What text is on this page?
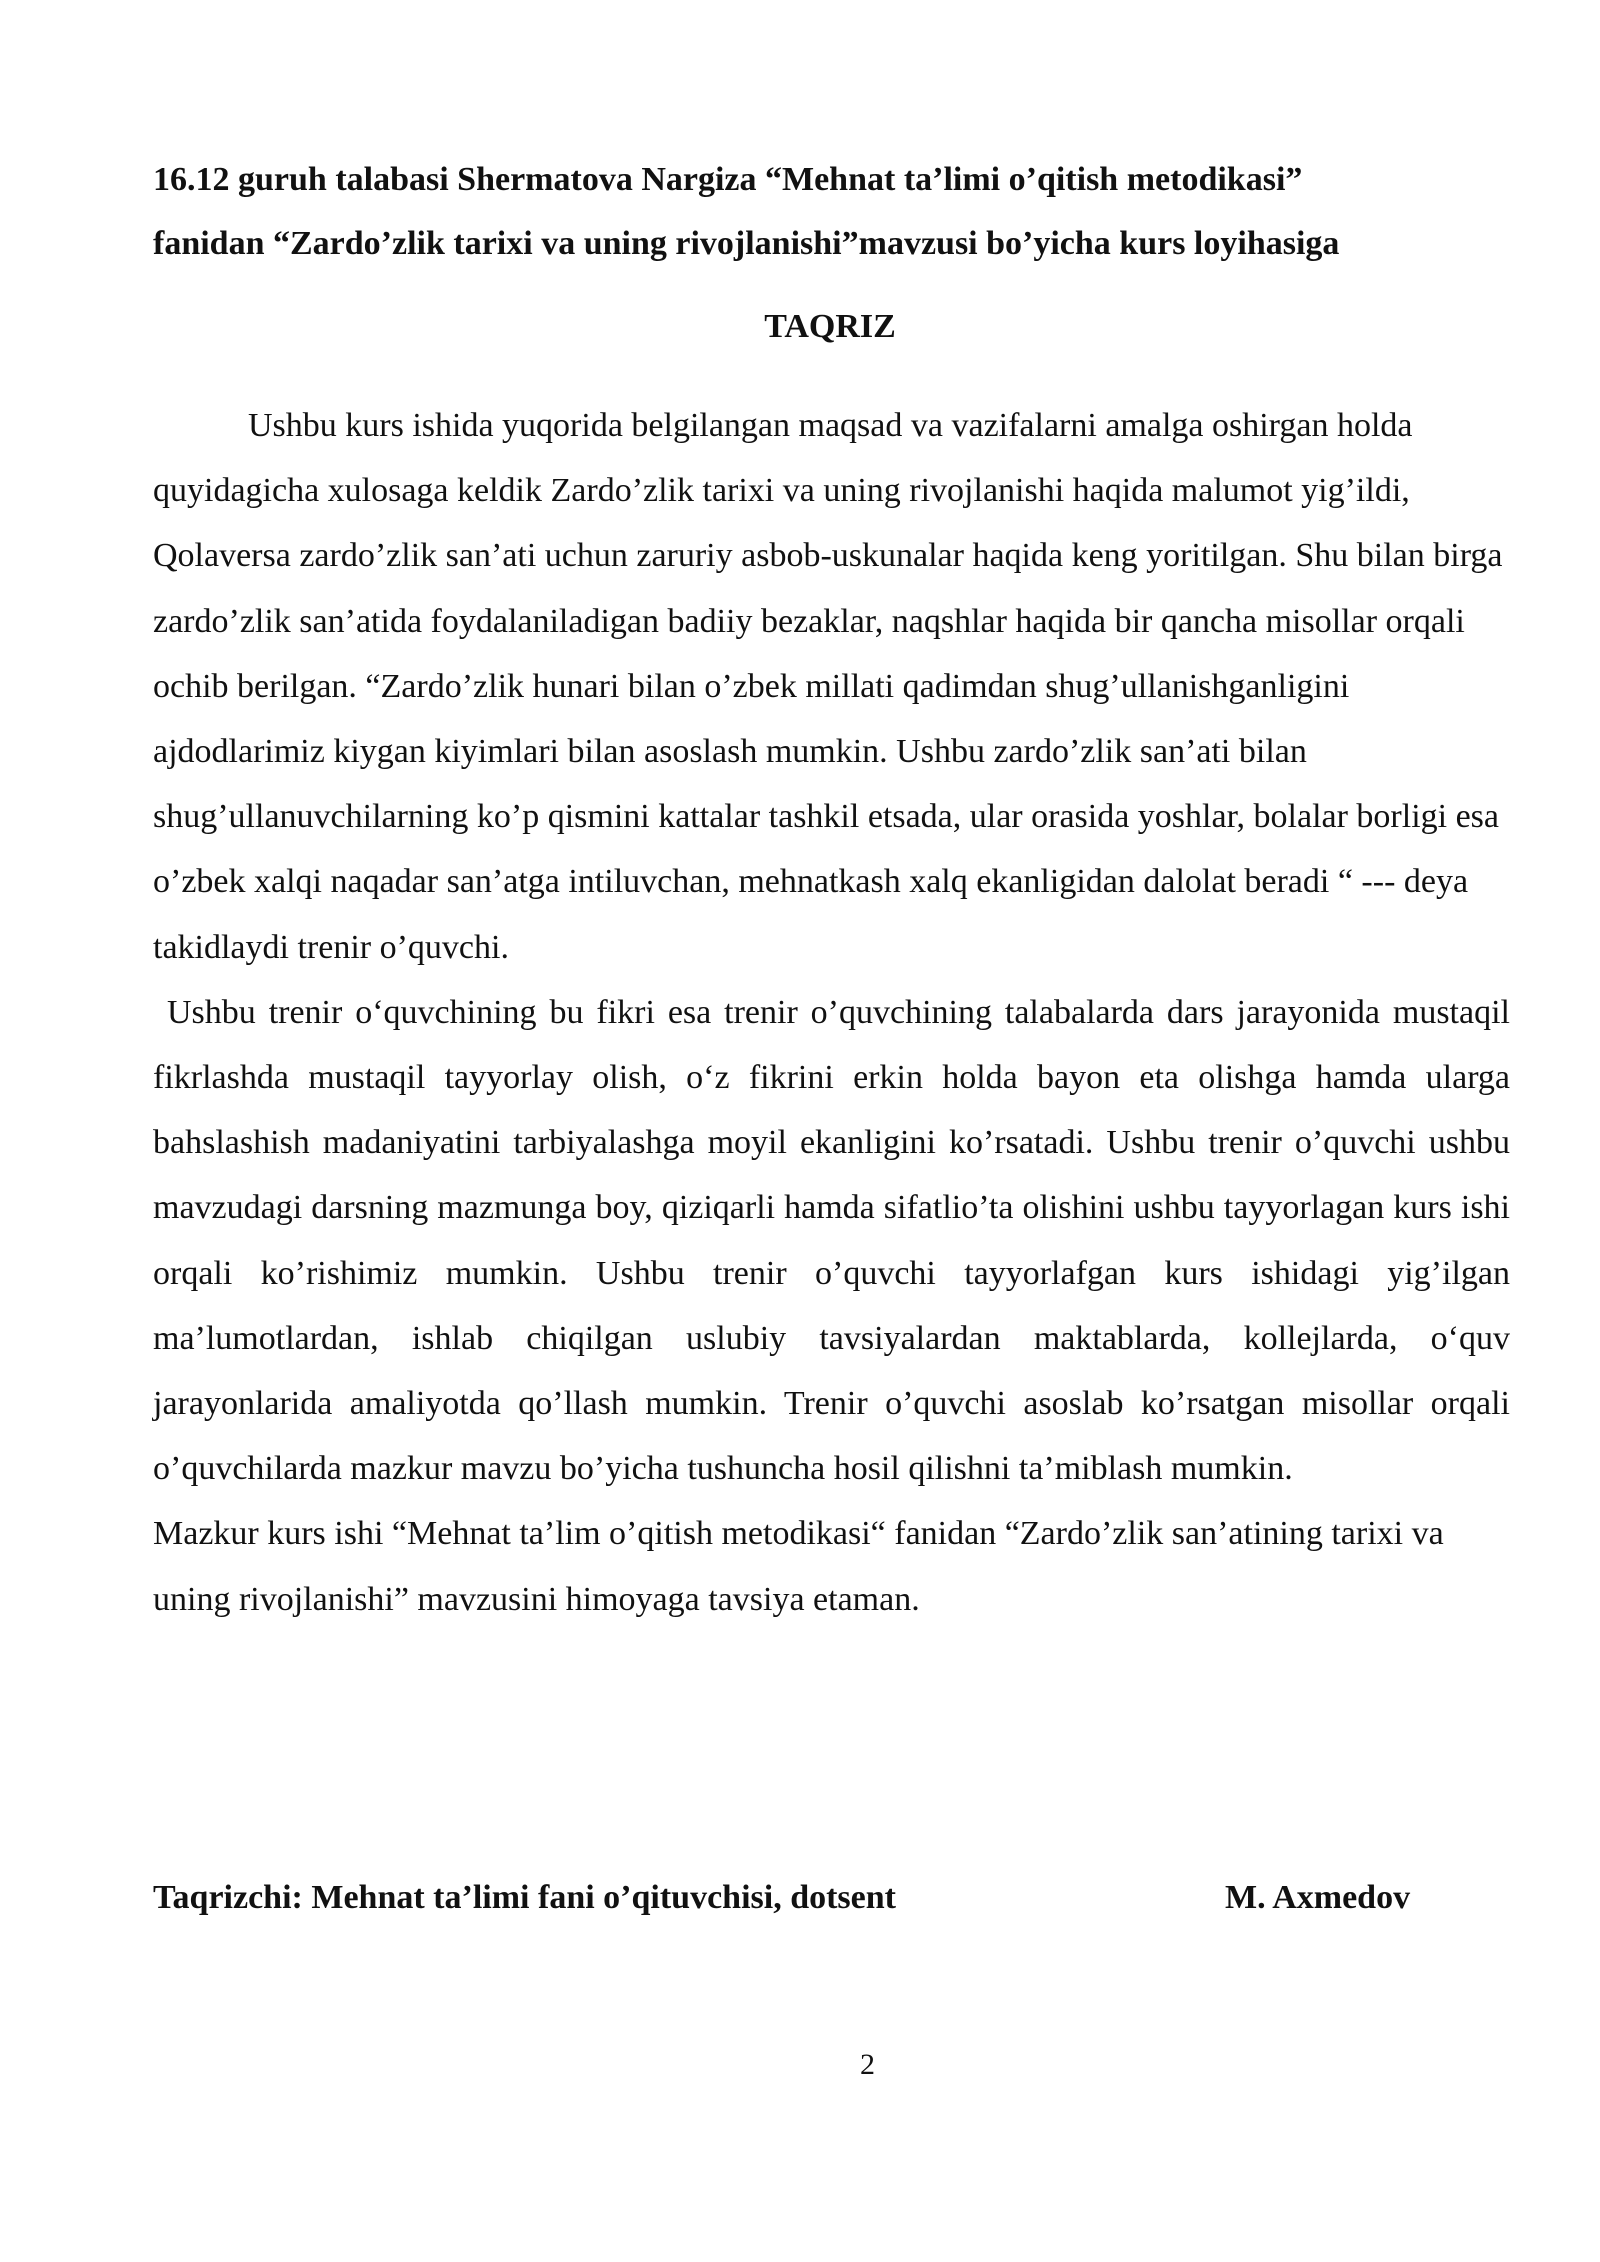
16.12 guruh talabasi Shermatova Nargiza “Mehnat ta’limi o’qitish metodikasi”
fanidan “Zardo’zlik tarixi va uning rivojlanishi”mavzusi bo’yicha kurs loyihasiga
TAQRIZ

Ushbu kurs ishida yuqorida belgilangan maqsad va vazifalarni amalga oshirgan holda quyidagicha xulosaga keldik Zardo’zlik tarixi va uning rivojlanishi haqida malumot yig’ildi, Qolaversa zardo’zlik san’ati uchun zaruriy asbob-uskunalar haqida keng yoritilgan. Shu bilan birga zardo’zlik san’atida foydalaniladigan badiiy bezaklar, naqshlar haqida bir qancha misollar orqali ochib berilgan. “Zardo’zlik hunari bilan o’zbek millati qadimdan shug’ullanishganligini ajdodlarimiz kiygan kiyimlari bilan asoslash mumkin. Ushbu zardo’zlik san’ati bilan shug’ullanuvchilarning ko’p qismini kattalar tashkil etsada, ular orasida yoshlar, bolalar borligi esa o’zbek xalqi naqadar san’atga intiluvchan, mehnatkash xalq ekanligidan dalolat beradi “ --- deya takidlaydi trenir o’quvchi.

Ushbu trenir o‘quvchining bu fikri esa trenir o’quvchining talabalarda dars jarayonida mustaqil fikrlashda mustaqil tayyorlay olish, o‘z fikrini erkin holda bayon eta olishga hamda ularga bahslashish madaniyatini tarbiyalashga moyil ekanligini ko’rsatadi. Ushbu trenir o’quvchi ushbu mavzudagi darsning mazmunga boy, qiziqarli hamda sifatlio’ta olishini ushbu tayyorlagan kurs ishi orqali ko’rishimiz mumkin. Ushbu trenir o’quvchi tayyorlafgan kurs ishidagi yig’ilgan ma’lumotlardan, ishlab chiqilgan uslubiy tavsiyalardan maktablarda, kollejlarda, o‘quv jarayonlarida amaliyotda qo’llash mumkin. Trenir o’quvchi asoslab ko’rsatgan misollar orqali o’quvchilarda mazkur mavzu bo’yicha tushuncha hosil qilishni ta’miblash mumkin.

Mazkur kurs ishi “Mehnat ta’lim o’qitish metodikasi“ fanidan “Zardo’zlik san’atining tarixi va uning rivojlanishi” mavzusini himoyaga tavsiya etaman.

Taqrizchi: Mehnat ta’limi fani o’qituvchisi, dotsent	M. Axmedov
2
